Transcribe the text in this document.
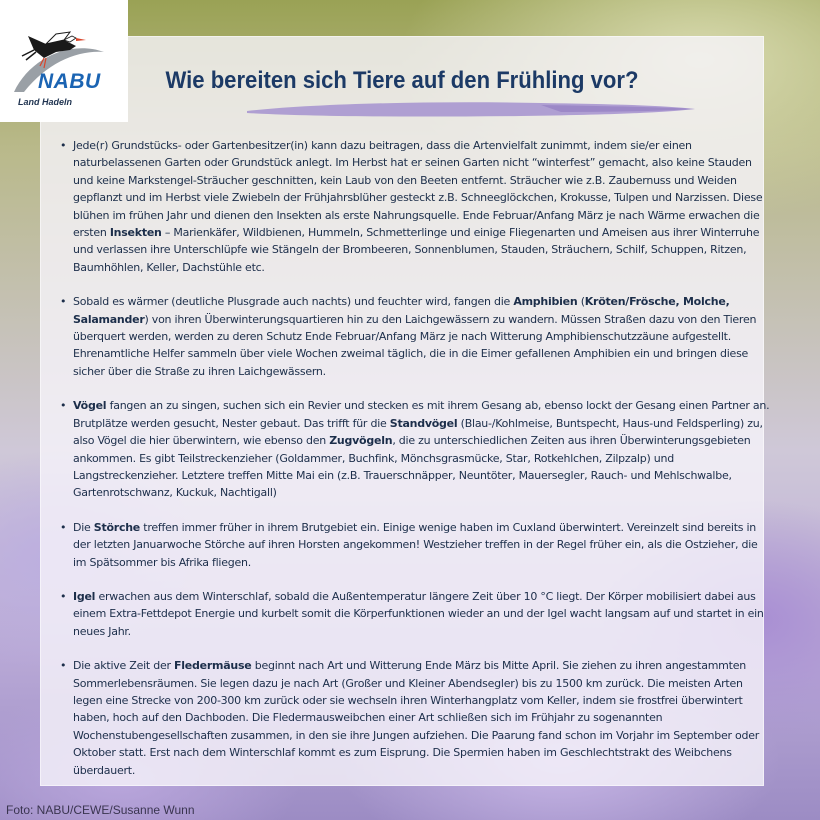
NABU
Land Hadeln
Wie bereiten sich Tiere auf den Frühling vor?
• Jede(r) Grundstücks- oder Gartenbesitzer(in) kann dazu beitragen, dass die Artenvielfalt zunimmt, indem sie/er einen naturbelassenen Garten oder Grundstück anlegt. Im Herbst hat er seinen Garten nicht “winterfest” gemacht, also keine Stauden und keine Markstengel-Sträucher geschnitten, kein Laub von den Beeten entfernt. Sträucher wie z.B. Zaubernuss und Weiden gepflanzt und im Herbst viele Zwiebeln der Frühjahrsblüher gesteckt z.B. Schneeglöckchen, Krokusse, Tulpen und Narzissen. Diese blühen im frühen Jahr und dienen den Insekten als erste Nahrungsquelle. Ende Februar/Anfang März je nach Wärme erwachen die ersten Insekten – Marienkäfer, Wildbienen, Hummeln, Schmetterlinge und einige Fliegenarten und Ameisen aus ihrer Winterruhe und verlassen ihre Unterschlüpfe wie Stängeln der Brombeeren, Sonnenblumen, Stauden, Sträuchern, Schilf, Schuppen, Ritzen, Baumhöhlen, Keller, Dachstühle etc.
• Sobald es wärmer (deutliche Plusgrade auch nachts) und feuchter wird, fangen die Amphibien (Kröten/Frösche, Molche, Salamander) von ihren Überwinterungsquartieren hin zu den Laichgewässern zu wandern. Müssen Straßen dazu von den Tieren überquert werden, werden zu deren Schutz Ende Februar/Anfang März je nach Witterung Amphibienschutzzäune aufgestellt. Ehrenamtliche Helfer sammeln über viele Wochen zweimal täglich, die in die Eimer gefallenen Amphibien ein und bringen diese sicher über die Straße zu ihren Laichgewässern.
• Vögel fangen an zu singen, suchen sich ein Revier und stecken es mit ihrem Gesang ab, ebenso lockt der Gesang einen Partner an. Brutplätze werden gesucht, Nester gebaut. Das trifft für die Standvögel (Blau-/Kohlmeise, Buntspecht, Haus-und Feldsperling) zu, also Vögel die hier überwintern, wie ebenso den Zugvögeln, die zu unterschiedlichen Zeiten aus ihren Überwinterungsgebieten ankommen. Es gibt Teilstreckenzieher (Goldammer, Buchfink, Mönchsgrasmücke, Star, Rotkehlchen, Zilpzalp) und Langstreckenzieher. Letztere treffen Mitte Mai ein (z.B. Trauerschnäpper, Neuntöter, Mauersegler, Rauch- und Mehlschwalbe, Gartenrotschwanz, Kuckuk, Nachtigall)
• Die Störche treffen immer früher in ihrem Brutgebiet ein. Einige wenige haben im Cuxland überwintert. Vereinzelt sind bereits in der letzten Januarwoche Störche auf ihren Horsten angekommen! Westzieher treffen in der Regel früher ein, als die Ostzieher, die im Spätsommer bis Afrika fliegen.
• Igel erwachen aus dem Winterschlaf, sobald die Außentemperatur längere Zeit über 10 °C liegt. Der Körper mobilisiert dabei aus einem Extra-Fettdepot Energie und kurbelt somit die Körperfunktionen wieder an und der Igel wacht langsam auf und startet in ein neues Jahr.
• Die aktive Zeit der Fledermäuse beginnt nach Art und Witterung Ende März bis Mitte April. Sie ziehen zu ihren angestammten Sommerlebensräumen. Sie legen dazu je nach Art (Großer und Kleiner Abendsegler) bis zu 1500 km zurück. Die meisten Arten legen eine Strecke von 200-300 km zurück oder sie wechseln ihren Winterhangplatz vom Keller, indem sie frostfrei überwintert haben, hoch auf den Dachboden. Die Fledermausweibchen einer Art schließen sich im Frühjahr zu sogenannten Wochenstubengesellschaften zusammen, in den sie ihre Jungen aufziehen. Die Paarung fand schon im Vorjahr im September oder Oktober statt. Erst nach dem Winterschlaf kommt es zum Eisprung. Die Spermien haben im Geschlechtstrakt des Weibchens überdauert.
Foto: NABU/CEWE/Susanne Wunn
